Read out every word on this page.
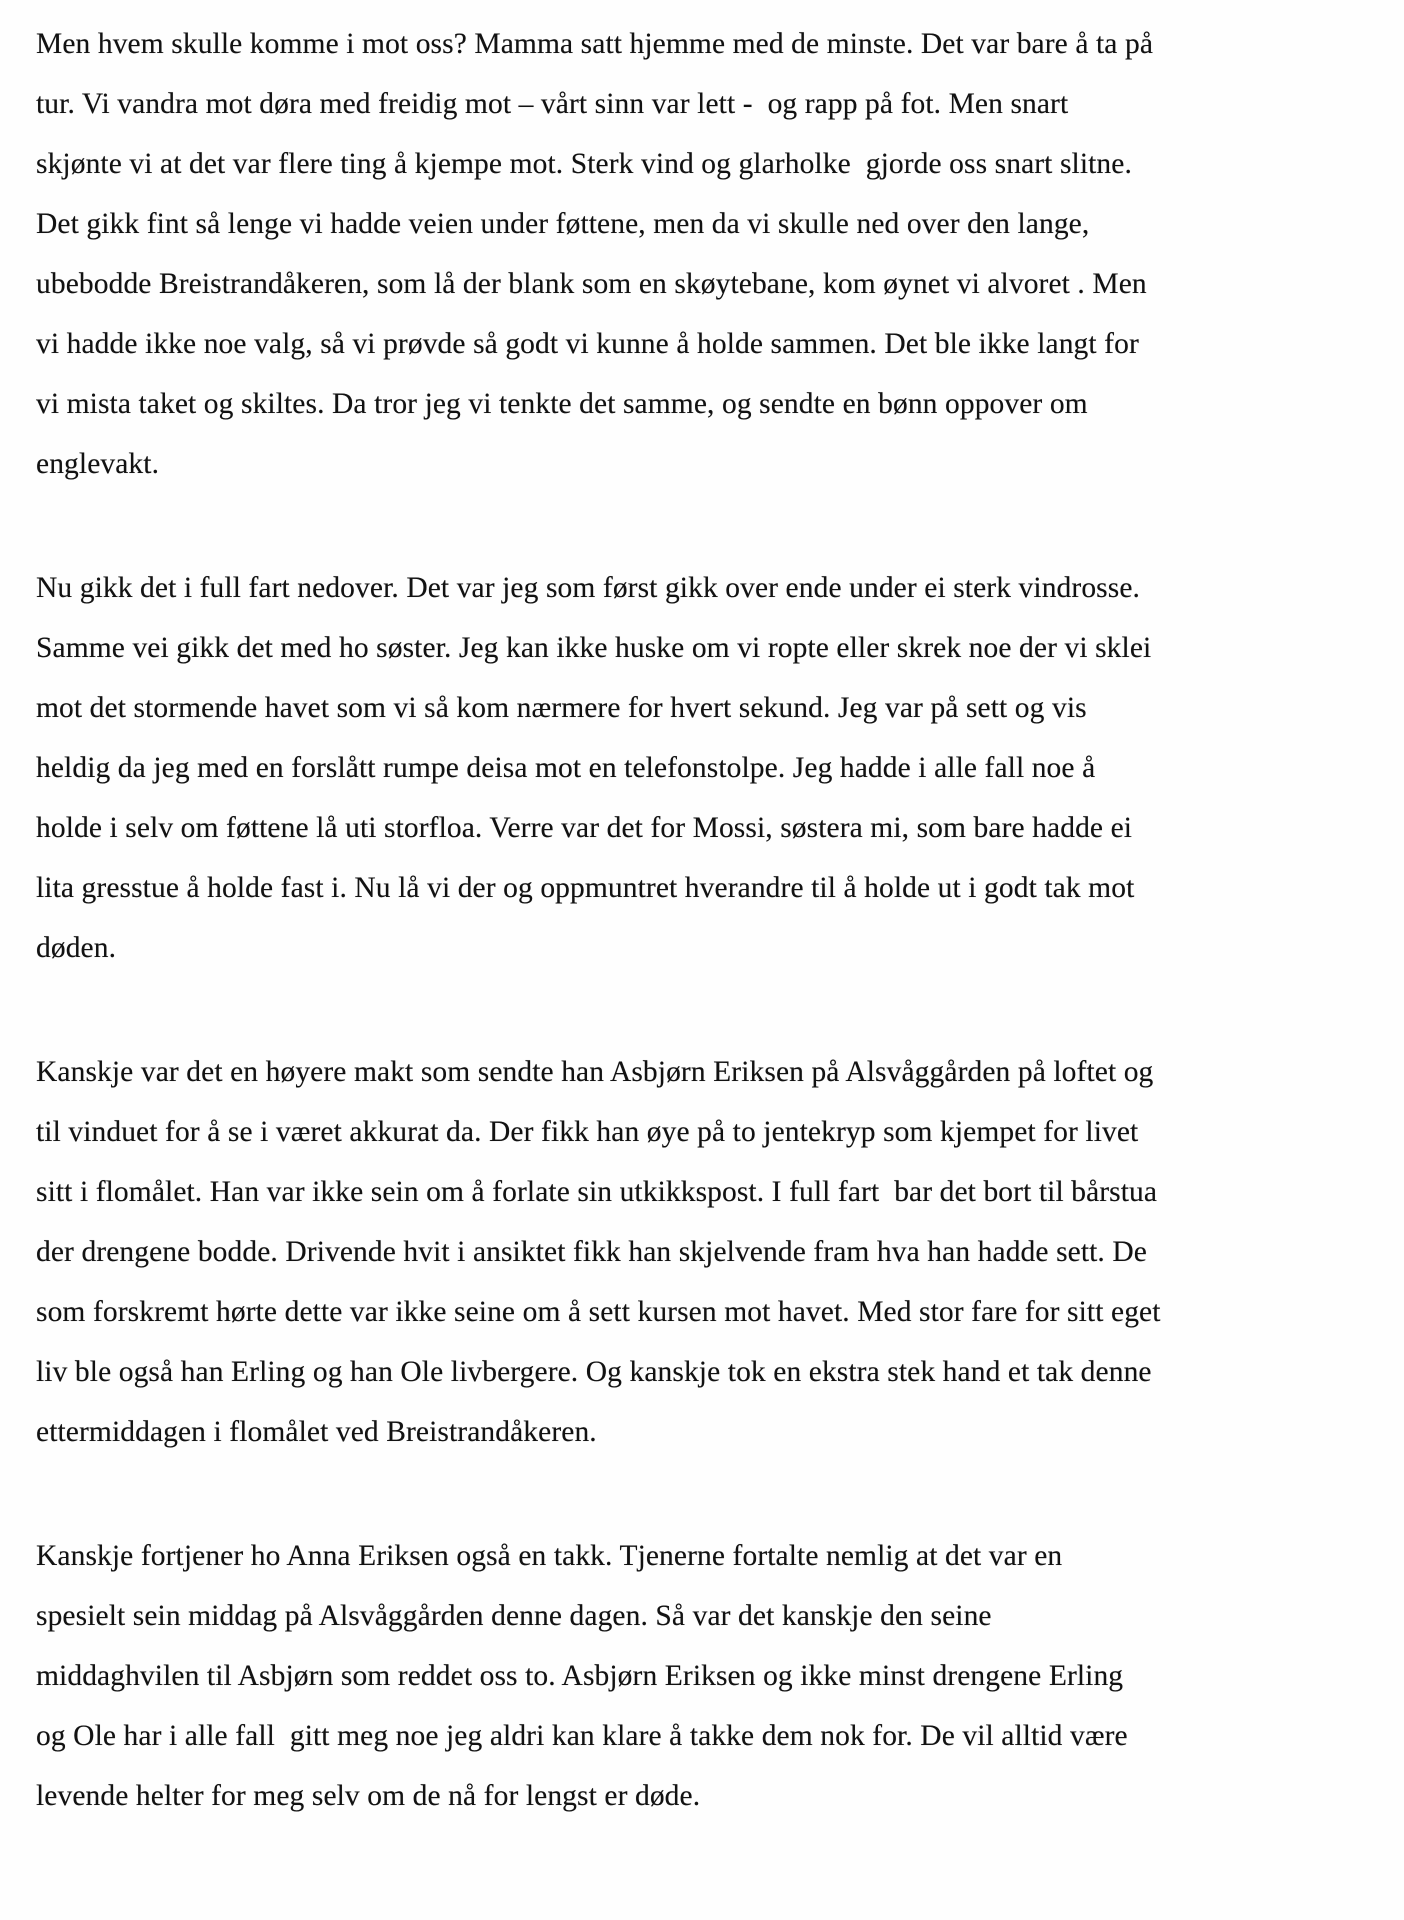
Men hvem skulle komme i mot oss? Mamma satt hjemme med de minste. Det var bare å ta på
tur. Vi vandra mot døra med freidig mot – vårt sinn var lett -  og rapp på fot. Men snart
skjønte vi at det var flere ting å kjempe mot. Sterk vind og glarholke  gjorde oss snart slitne.
Det gikk fint så lenge vi hadde veien under føttene, men da vi skulle ned over den lange,
ubebodde Breistrandåkeren, som lå der blank som en skøytebane, kom øynet vi alvoret . Men
vi hadde ikke noe valg, så vi prøvde så godt vi kunne å holde sammen. Det ble ikke langt for
vi mista taket og skiltes. Da tror jeg vi tenkte det samme, og sendte en bønn oppover om
englevakt.
Nu gikk det i full fart nedover. Det var jeg som først gikk over ende under ei sterk vindrosse.
Samme vei gikk det med ho søster. Jeg kan ikke huske om vi ropte eller skrek noe der vi sklei
mot det stormende havet som vi så kom nærmere for hvert sekund. Jeg var på sett og vis
heldig da jeg med en forslått rumpe deisa mot en telefonstolpe. Jeg hadde i alle fall noe å
holde i selv om føttene lå uti storfloa. Verre var det for Mossi, søstera mi, som bare hadde ei
lita gresstue å holde fast i. Nu lå vi der og oppmuntret hverandre til å holde ut i godt tak mot
døden.
Kanskje var det en høyere makt som sendte han Asbjørn Eriksen på Alsvåggården på loftet og
til vinduet for å se i været akkurat da. Der fikk han øye på to jentekryp som kjempet for livet
sitt i flomålet. Han var ikke sein om å forlate sin utkikkspost. I full fart  bar det bort til bårstua
der drengene bodde. Drivende hvit i ansiktet fikk han skjelvende fram hva han hadde sett. De
som forskremt hørte dette var ikke seine om å sett kursen mot havet. Med stor fare for sitt eget
liv ble også han Erling og han Ole livbergere. Og kanskje tok en ekstra stek hand et tak denne
ettermiddagen i flomålet ved Breistrandåkeren.
Kanskje fortjener ho Anna Eriksen også en takk. Tjenerne fortalte nemlig at det var en
spesielt sein middag på Alsvåggården denne dagen. Så var det kanskje den seine
middaghvilen til Asbjørn som reddet oss to. Asbjørn Eriksen og ikke minst drengene Erling
og Ole har i alle fall  gitt meg noe jeg aldri kan klare å takke dem nok for. De vil alltid være
levende helter for meg selv om de nå for lengst er døde.
